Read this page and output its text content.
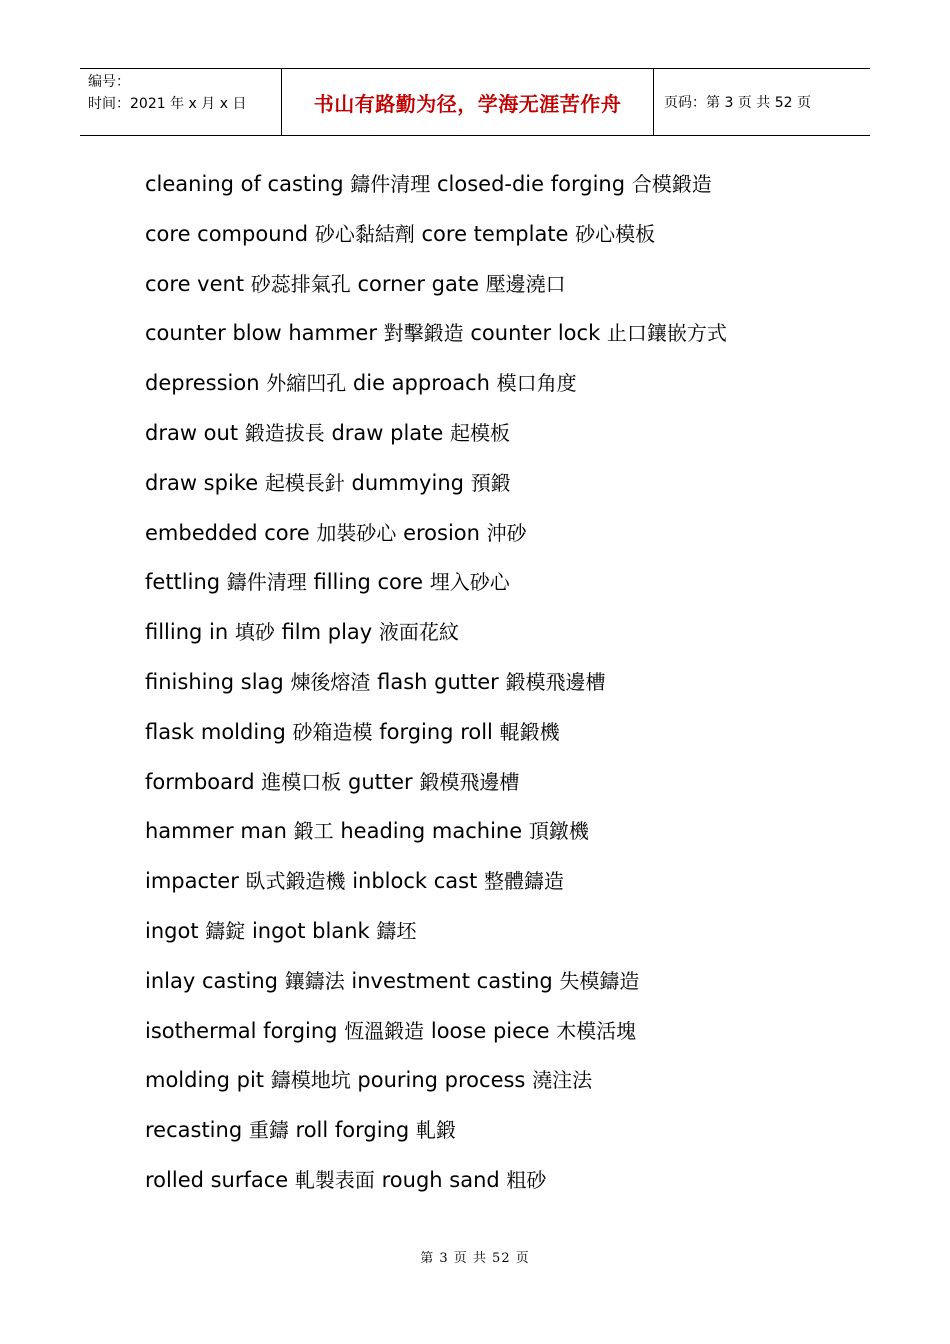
编号：
时间：2021 年 x 月 x 日	书山有路勤为径，学海无涯苦作舟	页码：第 3 页 共 52 页
cleaning of casting 鑄件清理 closed-die forging 合模鍛造
core compound 砂心黏結劑 core template 砂心模板
core vent 砂蕊排氣孔 corner gate 壓邊澆口
counter blow hammer 對擊鍛造 counter lock 止口鑲嵌方式
depression 外縮凹孔 die approach 模口角度
draw out 鍛造拔長 draw plate 起模板
draw spike 起模長針 dummying 預鍛
embedded core 加裝砂心 erosion 沖砂
fettling 鑄件清理 filling core 埋入砂心
filling in 填砂 film play 液面花紋
finishing slag 煉後熔渣 flash gutter 鍛模飛邊槽
flask molding 砂箱造模 forging roll 輥鍛機
formboard 進模口板 gutter 鍛模飛邊槽
hammer man 鍛工 heading machine 頂鐓機
impacter 臥式鍛造機 inblock cast 整體鑄造
ingot 鑄錠 ingot blank 鑄坯
inlay casting 鑲鑄法 investment casting 失模鑄造
isothermal forging 恆溫鍛造 loose piece 木模活塊
molding pit 鑄模地坑 pouring process 澆注法
recasting 重鑄 roll forging 軋鍛
rolled surface 軋製表面 rough sand 粗砂
第 3 页 共 52 页
